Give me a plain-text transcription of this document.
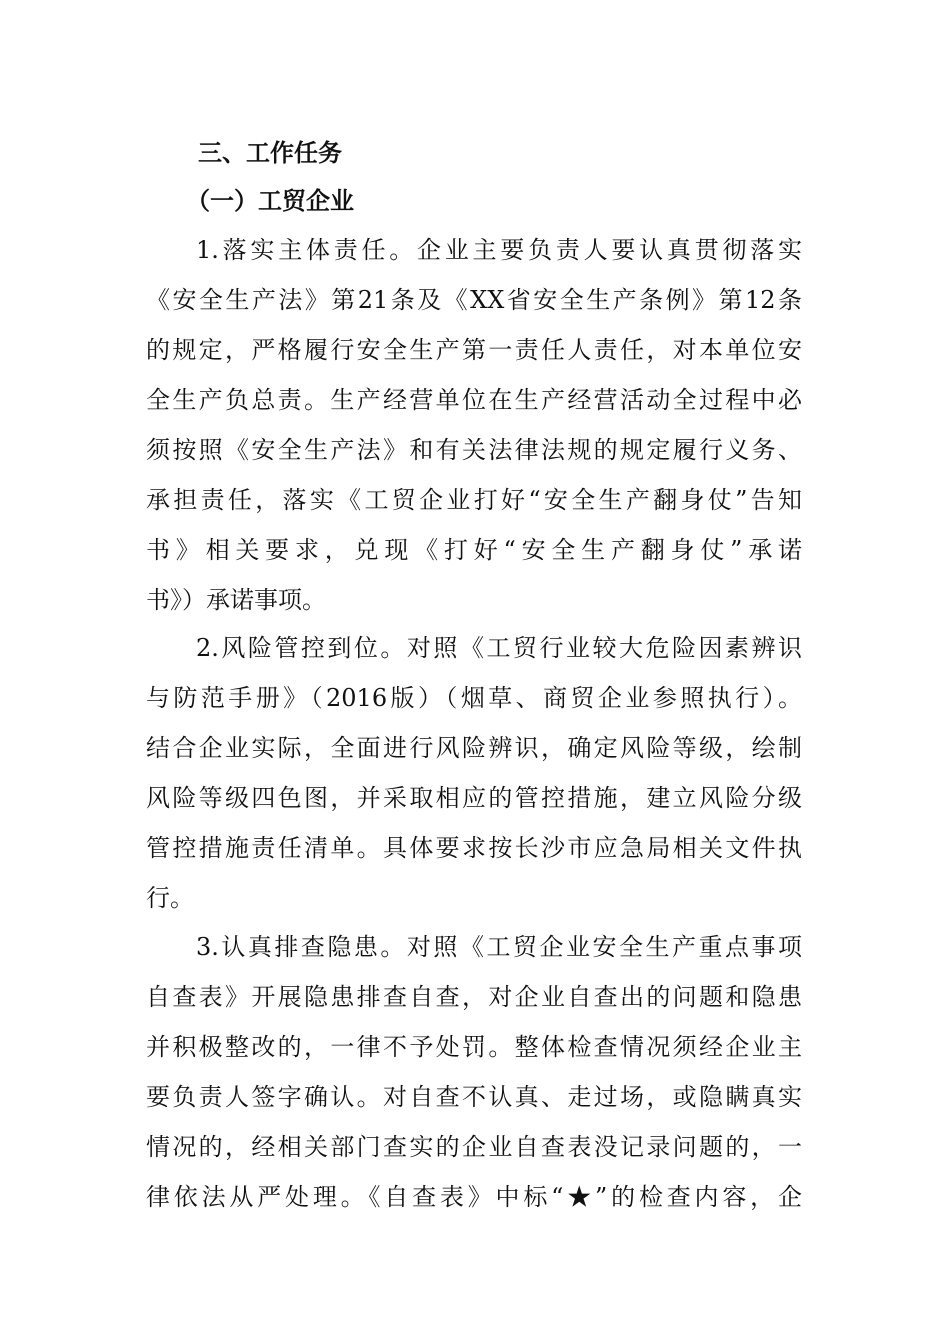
三、工作任务
（一）工贸企业
1.落实主体责任。企业主要负责人要认真贯彻落实
《安全生产法》第21条及《XX省安全生产条例》第12条
的规定，严格履行安全生产第一责任人责任，对本单位安
全生产负总责。生产经营单位在生产经营活动全过程中必
须按照《安全生产法》和有关法律法规的规定履行义务、
承担责任，落实《工贸企业打好“安全生产翻身仗”告知
书》相关要求，兑现《打好“安全生产翻身仗”承诺
书》）承诺事项。
2.风险管控到位。对照《工贸行业较大危险因素辨识
与防范手册》（2016版）（烟草、商贸企业参照执行）。
结合企业实际，全面进行风险辨识，确定风险等级，绘制
风险等级四色图，并采取相应的管控措施，建立风险分级
管控措施责任清单。具体要求按长沙市应急局相关文件执
行。
3.认真排查隐患。对照《工贸企业安全生产重点事项
自查表》开展隐患排查自查，对企业自查出的问题和隐患
并积极整改的，一律不予处罚。整体检查情况须经企业主
要负责人签字确认。对自查不认真、走过场，或隐瞒真实
情况的，经相关部门查实的企业自查表没记录问题的，一
律依法从严处理。《自查表》中标“★”的检查内容，企
